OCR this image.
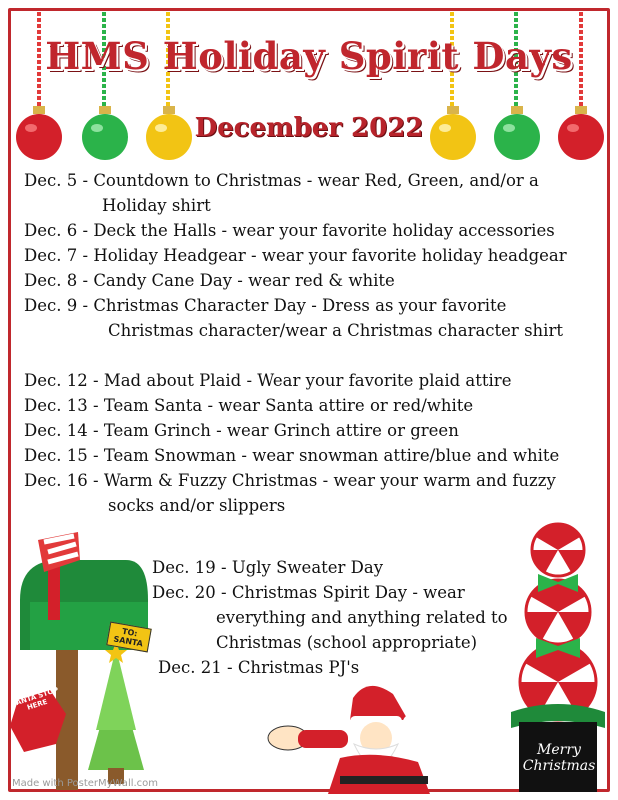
HMS Holiday Spirit Days
December 2022
Dec. 5 - Countdown to Christmas - wear Red, Green, and/or a
Holiday shirt
Dec. 6 - Deck the Halls - wear your favorite holiday accessories
Dec. 7 - Holiday Headgear - wear your favorite holiday headgear
Dec. 8 - Candy Cane Day - wear red & white
Dec. 9 - Christmas Character Day - Dress as your favorite
Christmas character/wear a Christmas character shirt
Dec. 12 - Mad about Plaid - Wear your favorite plaid attire
Dec. 13 - Team Santa - wear Santa attire or red/white
Dec. 14 - Team Grinch - wear Grinch attire or green
Dec. 15 - Team Snowman - wear snowman attire/blue and white
Dec. 16 - Warm & Fuzzy Christmas - wear your warm and fuzzy
socks and/or slippers
Dec. 19 - Ugly Sweater Day
Dec. 20 - Christmas Spirit Day - wear
everything and anything related to
Christmas (school appropriate)
Dec. 21 - Christmas PJ's
SANTA STOP HERE
TO: SANTA
Merry Christmas
Made with PosterMyWall.com
